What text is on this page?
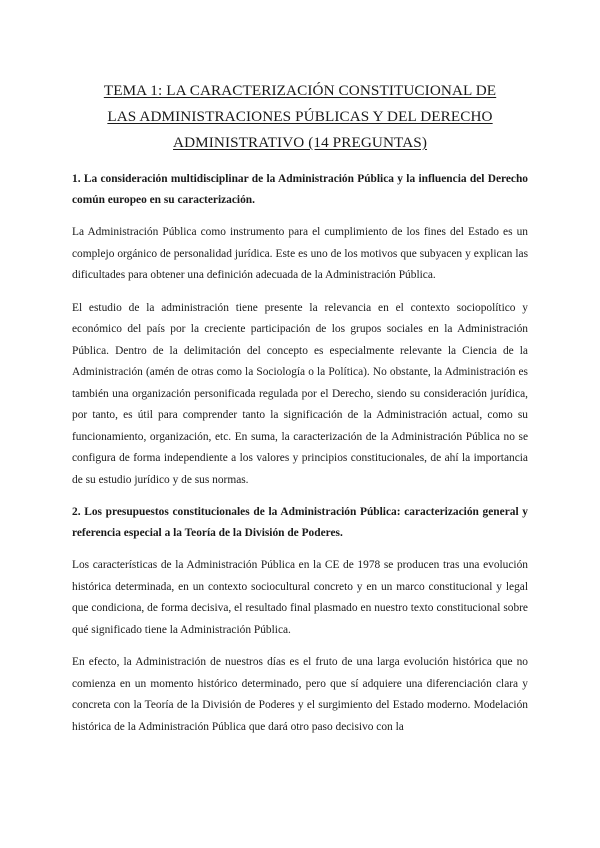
TEMA 1: LA CARACTERIZACIÓN CONSTITUCIONAL DE
LAS ADMINISTRACIONES PÚBLICAS Y DEL DERECHO
ADMINISTRATIVO (14 PREGUNTAS)

1. La consideración multidisciplinar de la Administración Pública y la influencia del Derecho común europeo en su caracterización.

La Administración Pública como instrumento para el cumplimiento de los fines del Estado es un complejo orgánico de personalidad jurídica. Este es uno de los motivos que subyacen y explican las dificultades para obtener una definición adecuada de la Administración Pública.

El estudio de la administración tiene presente la relevancia en el contexto sociopolítico y económico del país por la creciente participación de los grupos sociales en la Administración Pública. Dentro de la delimitación del concepto es especialmente relevante la Ciencia de la Administración (amén de otras como la Sociología o la Política). No obstante, la Administración es también una organización personificada regulada por el Derecho, siendo su consideración jurídica, por tanto, es útil para comprender tanto la significación de la Administración actual, como su funcionamiento, organización, etc. En suma, la caracterización de la Administración Pública no se configura de forma independiente a los valores y principios constitucionales, de ahí la importancia de su estudio jurídico y de sus normas.

2. Los presupuestos constitucionales de la Administración Pública: caracterización general y referencia especial a la Teoría de la División de Poderes.

Los características de la Administración Pública en la CE de 1978 se producen tras una evolución histórica determinada, en un contexto sociocultural concreto y en un marco constitucional y legal que condiciona, de forma decisiva, el resultado final plasmado en nuestro texto constitucional sobre qué significado tiene la Administración Pública.

En efecto, la Administración de nuestros días es el fruto de una larga evolución histórica que no comienza en un momento histórico determinado, pero que sí adquiere una diferenciación clara y concreta con la Teoría de la División de Poderes y el surgimiento del Estado moderno. Modelación histórica de la Administración Pública que dará otro paso decisivo con la
